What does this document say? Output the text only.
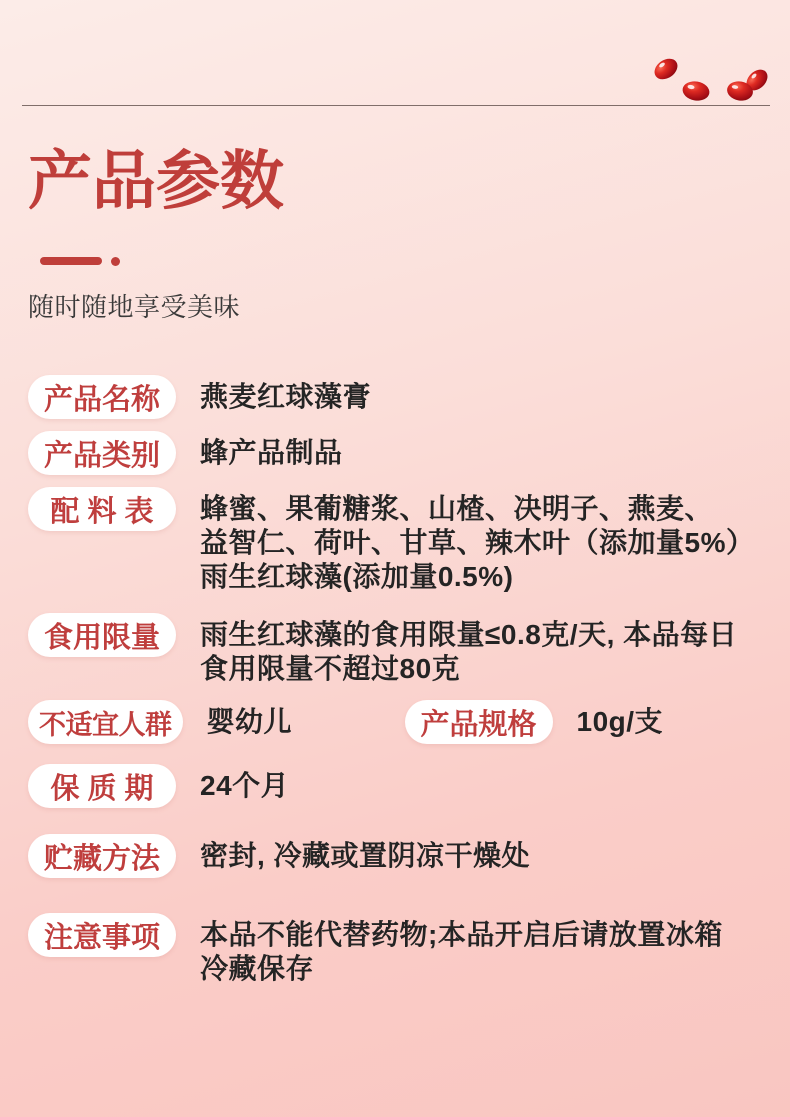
产品参数
随时随地享受美味
产品名称	燕麦红球藻膏
产品类别	蜂产品制品
配 料 表	蜂蜜、果葡糖浆、山楂、决明子、燕麦、
益智仁、荷叶、甘草、辣木叶（添加量5%）
雨生红球藻(添加量0.5%)
食用限量	雨生红球藻的食用限量≤0.8克/天, 本品每日
食用限量不超过80克
不适宜人群	婴幼儿	产品规格	10g/支
保 质 期	24个月
贮藏方法	密封, 冷藏或置阴凉干燥处
注意事项	本品不能代替药物;本品开启后请放置冰箱
冷藏保存
